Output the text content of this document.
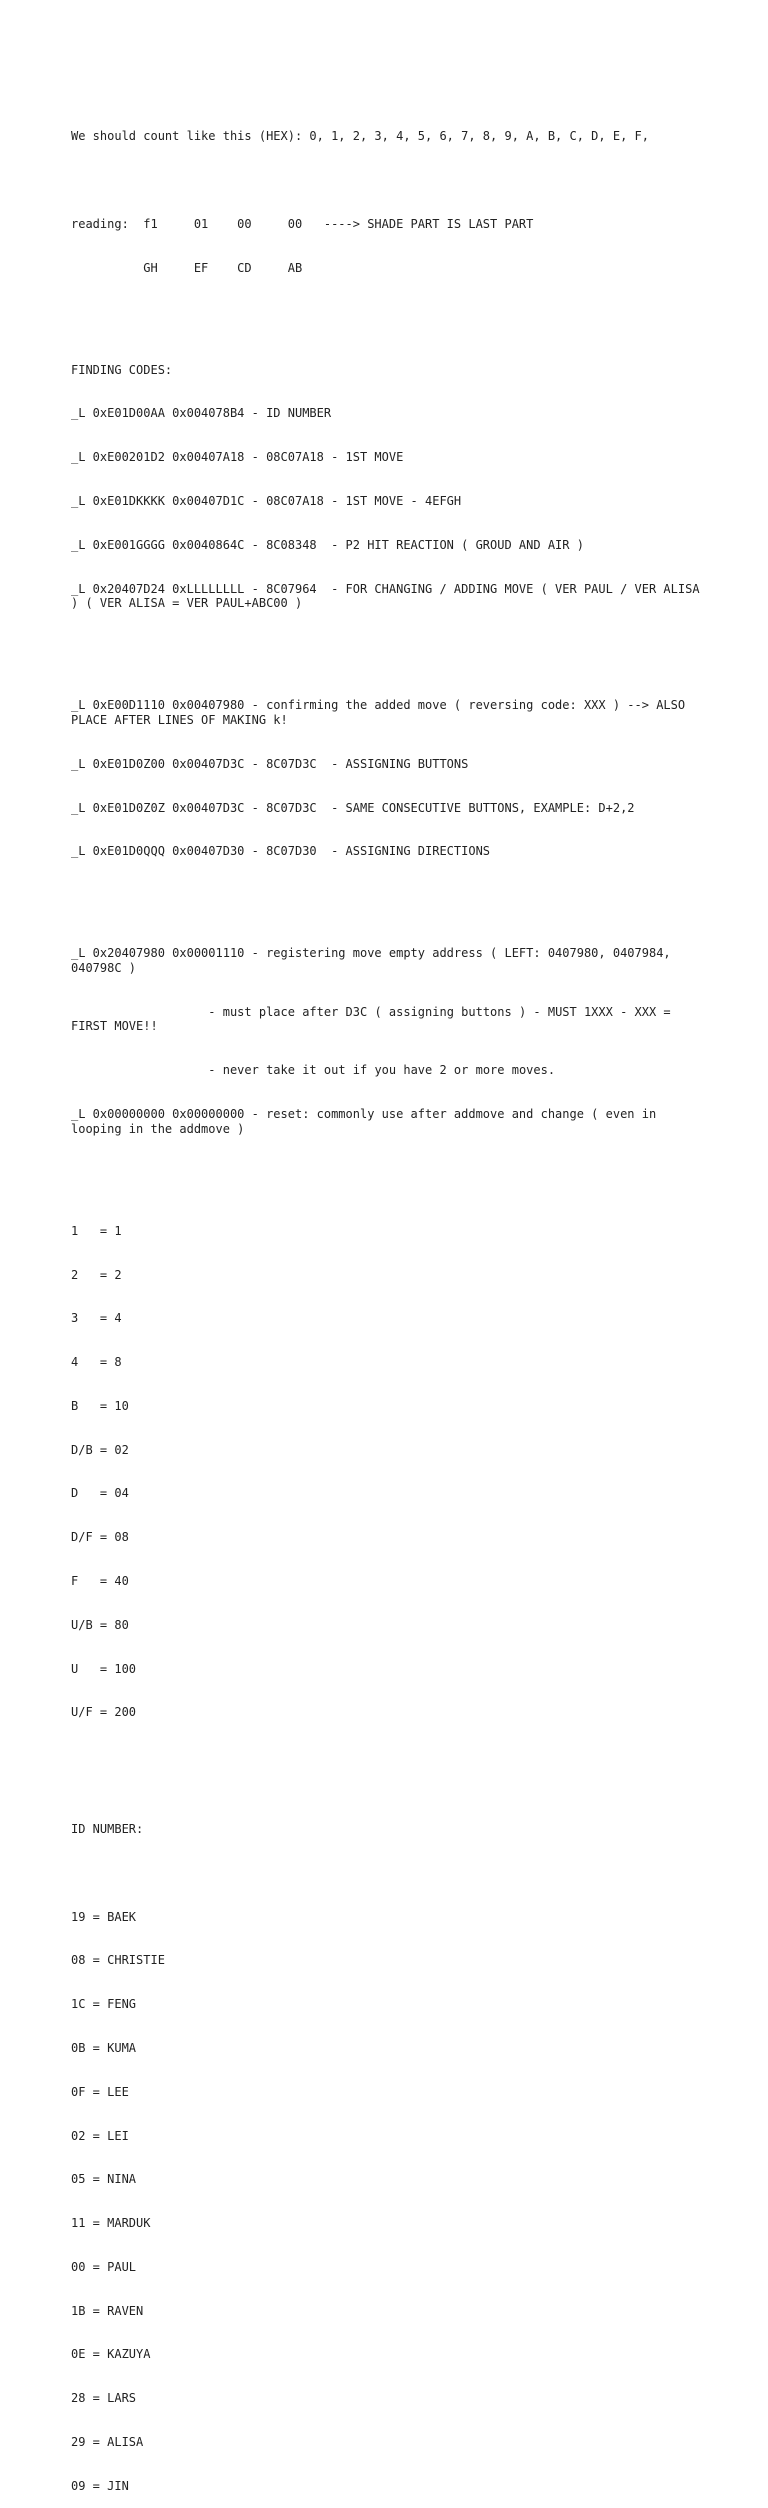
We should count like this (HEX): 0, 1, 2, 3, 4, 5, 6, 7, 8, 9, A, B, C, D, E, F,

reading:  f1     01    00     00   ----> SHADE PART IS LAST PART

GH     EF    CD     AB

FINDING CODES:

_L 0xE01D00AA 0x004078B4 - ID NUMBER

_L 0xE00201D2 0x00407A18 - 08C07A18 - 1ST MOVE

_L 0xE01DKKKK 0x00407D1C - 08C07A18 - 1ST MOVE - 4EFGH

_L 0xE001GGGG 0x0040864C - 8C08348  - P2 HIT REACTION ( GROUD AND AIR )

_L 0x20407D24 0xLLLLLLLL - 8C07964  - FOR CHANGING / ADDING MOVE ( VER PAUL / VER ALISA ) ( VER ALISA = VER PAUL+ABC00 )

_L 0xE00D1110 0x00407980 - confirming the added move ( reversing code: XXX ) --> ALSO PLACE AFTER LINES OF MAKING k!

_L 0xE01D0Z00 0x00407D3C - 8C07D3C  - ASSIGNING BUTTONS

_L 0xE01D0Z0Z 0x00407D3C - 8C07D3C  - SAME CONSECUTIVE BUTTONS, EXAMPLE: D+2,2

_L 0xE01D0QQQ 0x00407D30 - 8C07D30  - ASSIGNING DIRECTIONS

_L 0x20407980 0x00001110 - registering move empty address ( LEFT: 0407980, 0407984, 040798C )

- must place after D3C ( assigning buttons ) - MUST 1XXX - XXX = FIRST MOVE!!

- never take it out if you have 2 or more moves.

_L 0x00000000 0x00000000 - reset: commonly use after addmove and change ( even in looping in the addmove )

1   = 1

2   = 2

3   = 4

4   = 8

B   = 10

D/B = 02

D   = 04

D/F = 08

F   = 40

U/B = 80

U   = 100

U/F = 200

ID NUMBER:

19 = BAEK

08 = CHRISTIE

1C = FENG

0B = KUMA

0F = LEE

02 = LEI

05 = NINA

11 = MARDUK

00 = PAUL

1B = RAVEN

0E = KAZUYA

28 = LARS

29 = ALISA

09 = JIN
